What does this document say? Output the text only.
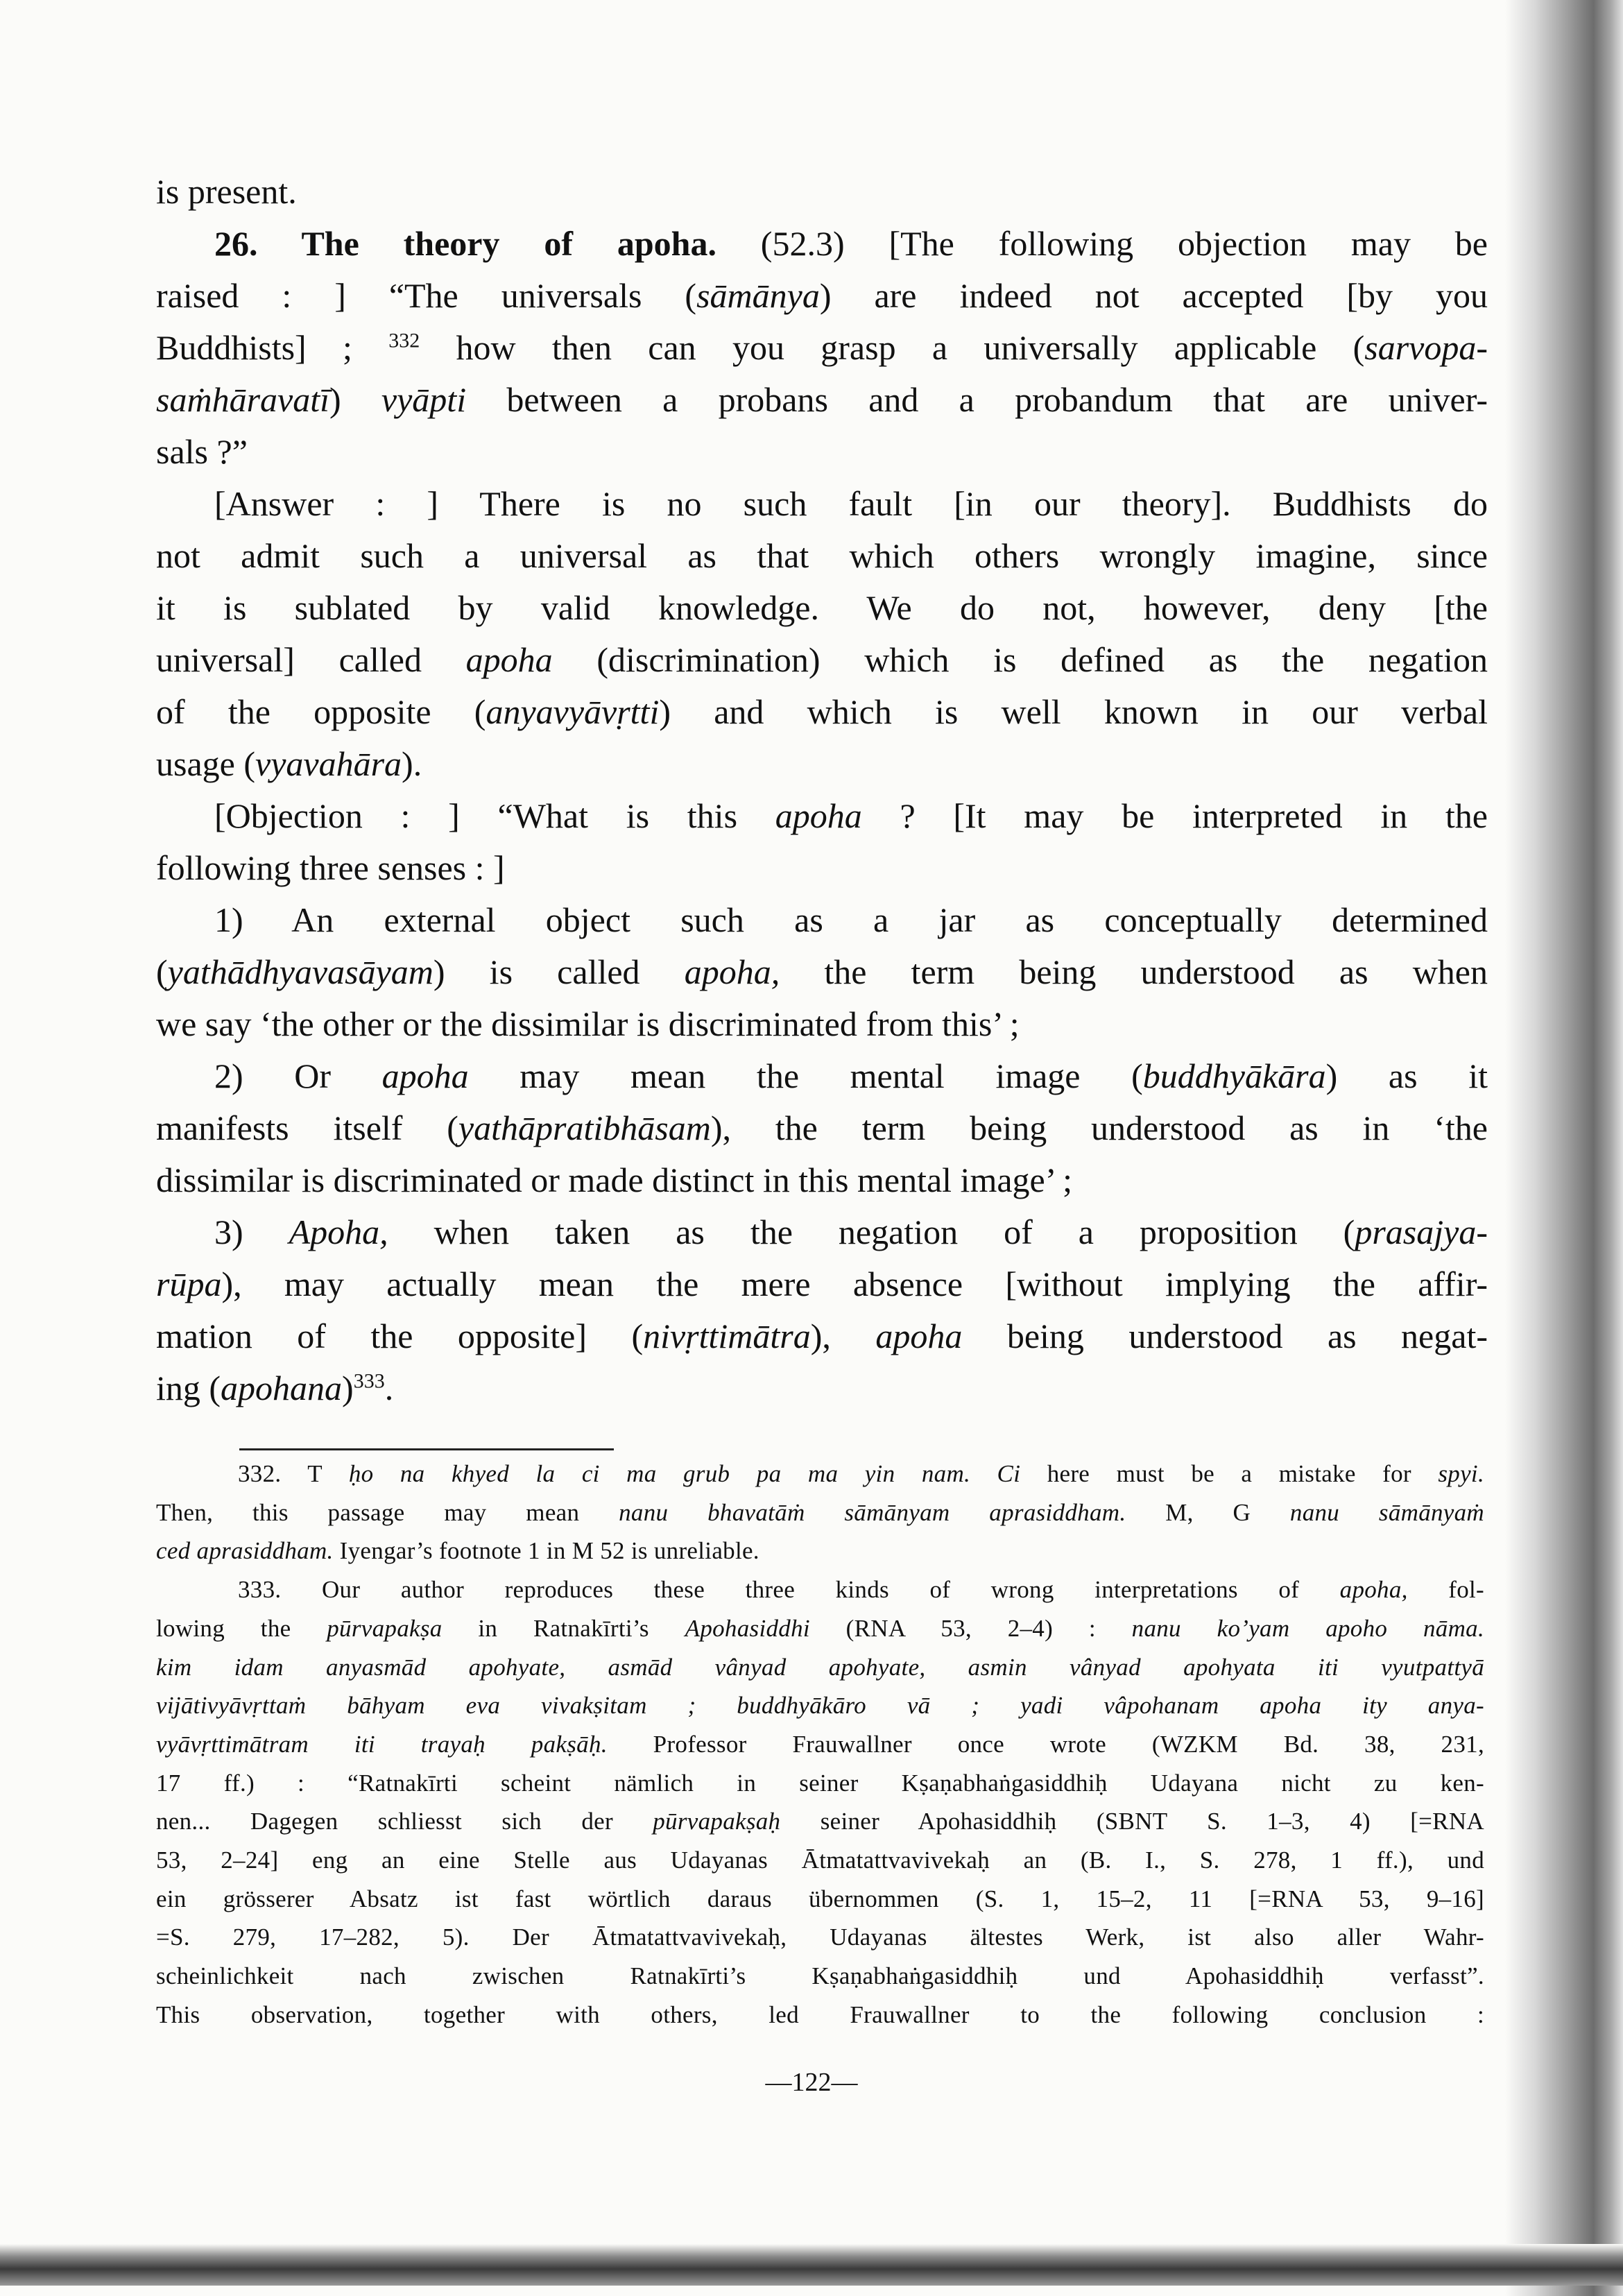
is present.
26. The theory of apoha. (52.3) [The following objection may be
raised : ] “The universals (sāmānya) are indeed not accepted [by you
Buddhists] ; $^{332}$ how then can you grasp a universally applicable (sarvopa-
saṁhāravatī) vyāpti between a probans and a probandum that are univer-
sals ?”
[Answer : ] There is no such fault [in our theory]. Buddhists do
not admit such a universal as that which others wrongly imagine, since
it is sublated by valid knowledge. We do not, however, deny [the
universal] called apoha (discrimination) which is defined as the negation
of the opposite (anyavyāvṛtti) and which is well known in our verbal
usage (vyavahāra).
[Objection : ] “What is this apoha ? [It may be interpreted in the
following three senses : ]
1) An external object such as a jar as conceptually determined
(yathādhyavasāyam) is called apoha, the term being understood as when
we say ‘the other or the dissimilar is discriminated from this’ ;
2) Or apoha may mean the mental image (buddhyākāra) as it
manifests itself (yathāpratibhāsam), the term being understood as in ‘the
dissimilar is discriminated or made distinct in this mental image’ ;
3) Apoha, when taken as the negation of a proposition (prasajya-
rūpa), may actually mean the mere absence [without implying the affir-
mation of the opposite] (nivṛttimātra), apoha being understood as negat-
ing (apohana)$^{333}$.
332. T ḥo na khyed la ci ma grub pa ma yin nam. Ci here must be a mistake for spyi.
Then, this passage may mean nanu bhavatāṁ sāmānyam aprasiddham. M, G nanu sāmānyaṁ
ced aprasiddham. Iyengar’s footnote 1 in M 52 is unreliable.
333. Our author reproduces these three kinds of wrong interpretations of apoha, fol-
lowing the pūrvapakṣa in Ratnakīrti’s Apohasiddhi (RNA 53, 2–4) : nanu ko’yam apoho nāma.
kim idam anyasmād apohyate, asmād vânyad apohyate, asmin vânyad apohyata iti vyutpattyā
vijātivyāvṛttaṁ bāhyam eva vivakṣitam ; buddhyākāro vā ; yadi vâpohanam apoha ity anya-
vyāvṛttimātram iti trayaḥ pakṣāḥ. Professor Frauwallner once wrote (WZKM Bd. 38, 231,
17 ff.) : “Ratnakīrti scheint nämlich in seiner Kṣaṇabhaṅgasiddhiḥ Udayana nicht zu ken-
nen... Dagegen schliesst sich der pūrvapakṣaḥ seiner Apohasiddhiḥ (SBNT S. 1–3, 4) [=RNA
53, 2–24] eng an eine Stelle aus Udayanas Ātmatattvavivekaḥ an (B. I., S. 278, 1 ff.), und
ein grösserer Absatz ist fast wörtlich daraus übernommen (S. 1, 15–2, 11 [=RNA 53, 9–16]
=S. 279, 17–282, 5). Der Ātmatattvavivekaḥ, Udayanas ältestes Werk, ist also aller Wahr-
scheinlichkeit nach zwischen Ratnakīrti’s Kṣaṇabhaṅgasiddhiḥ und Apohasiddhiḥ verfasst”.
This observation, together with others, led Frauwallner to the following conclusion :
—122—
